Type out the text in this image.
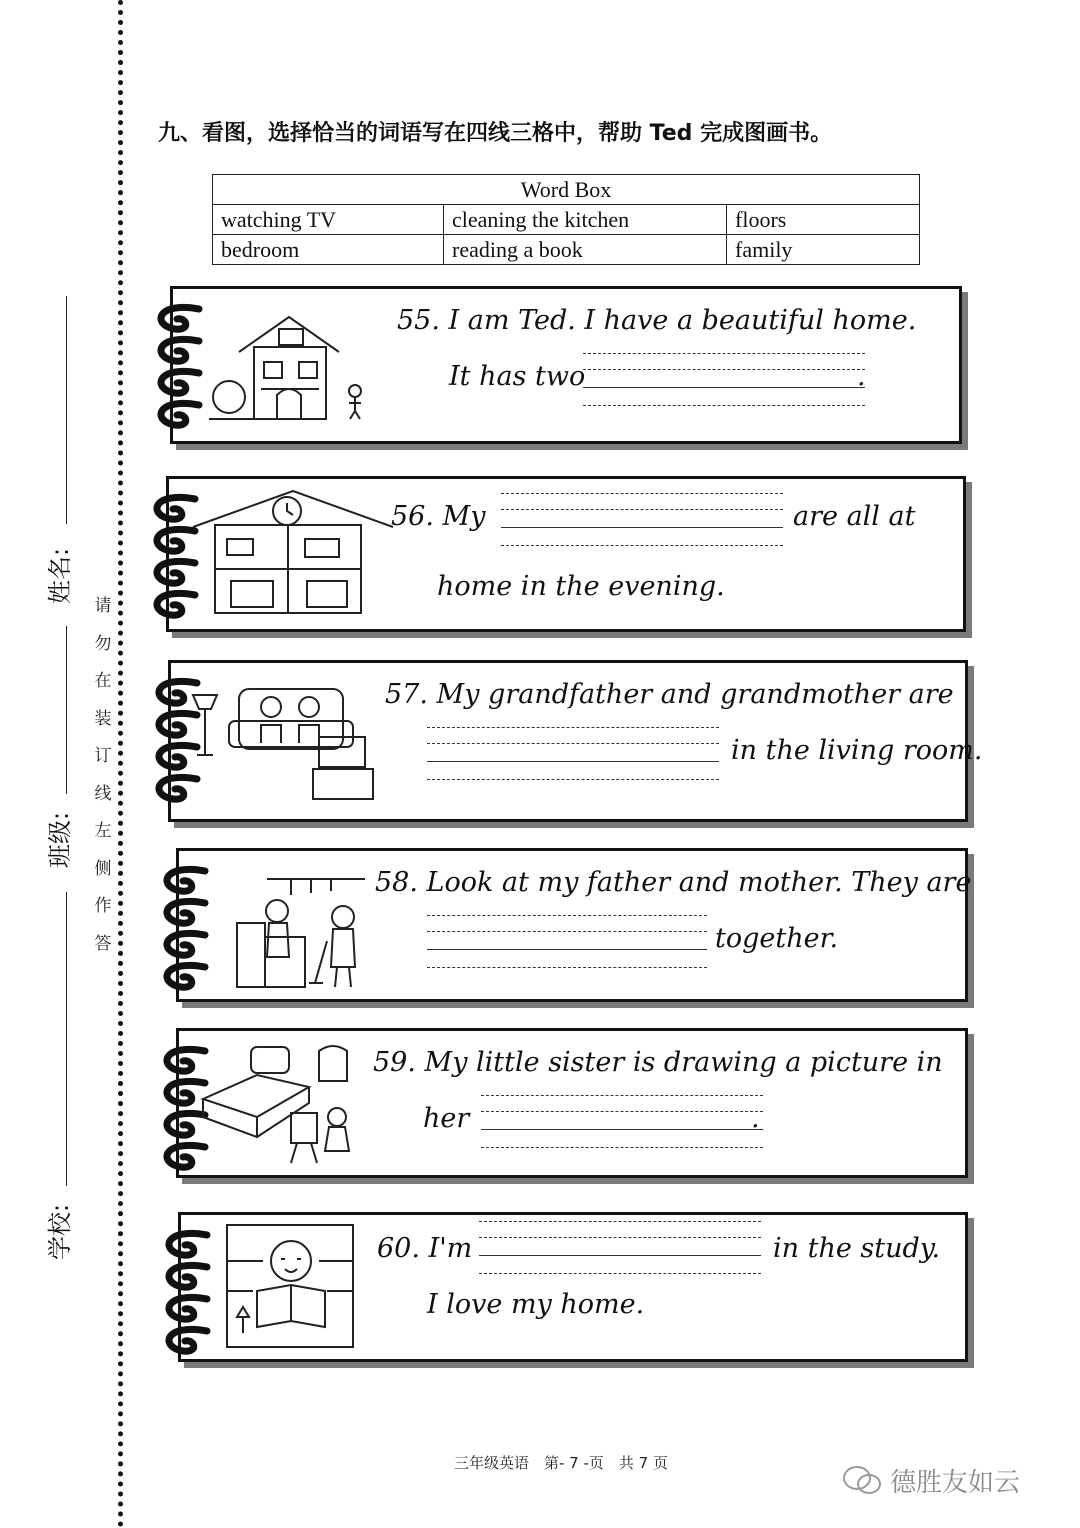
姓名:
班级:
学校:
请勿在装订线左侧作答
九、看图，选择恰当的词语写在四线三格中，帮助 Ted 完成图画书。
Word Box		
watching TV	cleaning the kitchen	floors
bedroom	reading a book	family
55. I am Ted. I have a beautiful home.
It has two	.
56. My	are all at
home in the evening.
57. My grandfather and grandmother are
in the living room.
58. Look at my father and mother. They are
together.
59. My little sister is drawing a picture in
her	.
60. I'm	in the study.
I love my home.
三年级英语　第- 7 -页　共 7 页
德胜友如云
